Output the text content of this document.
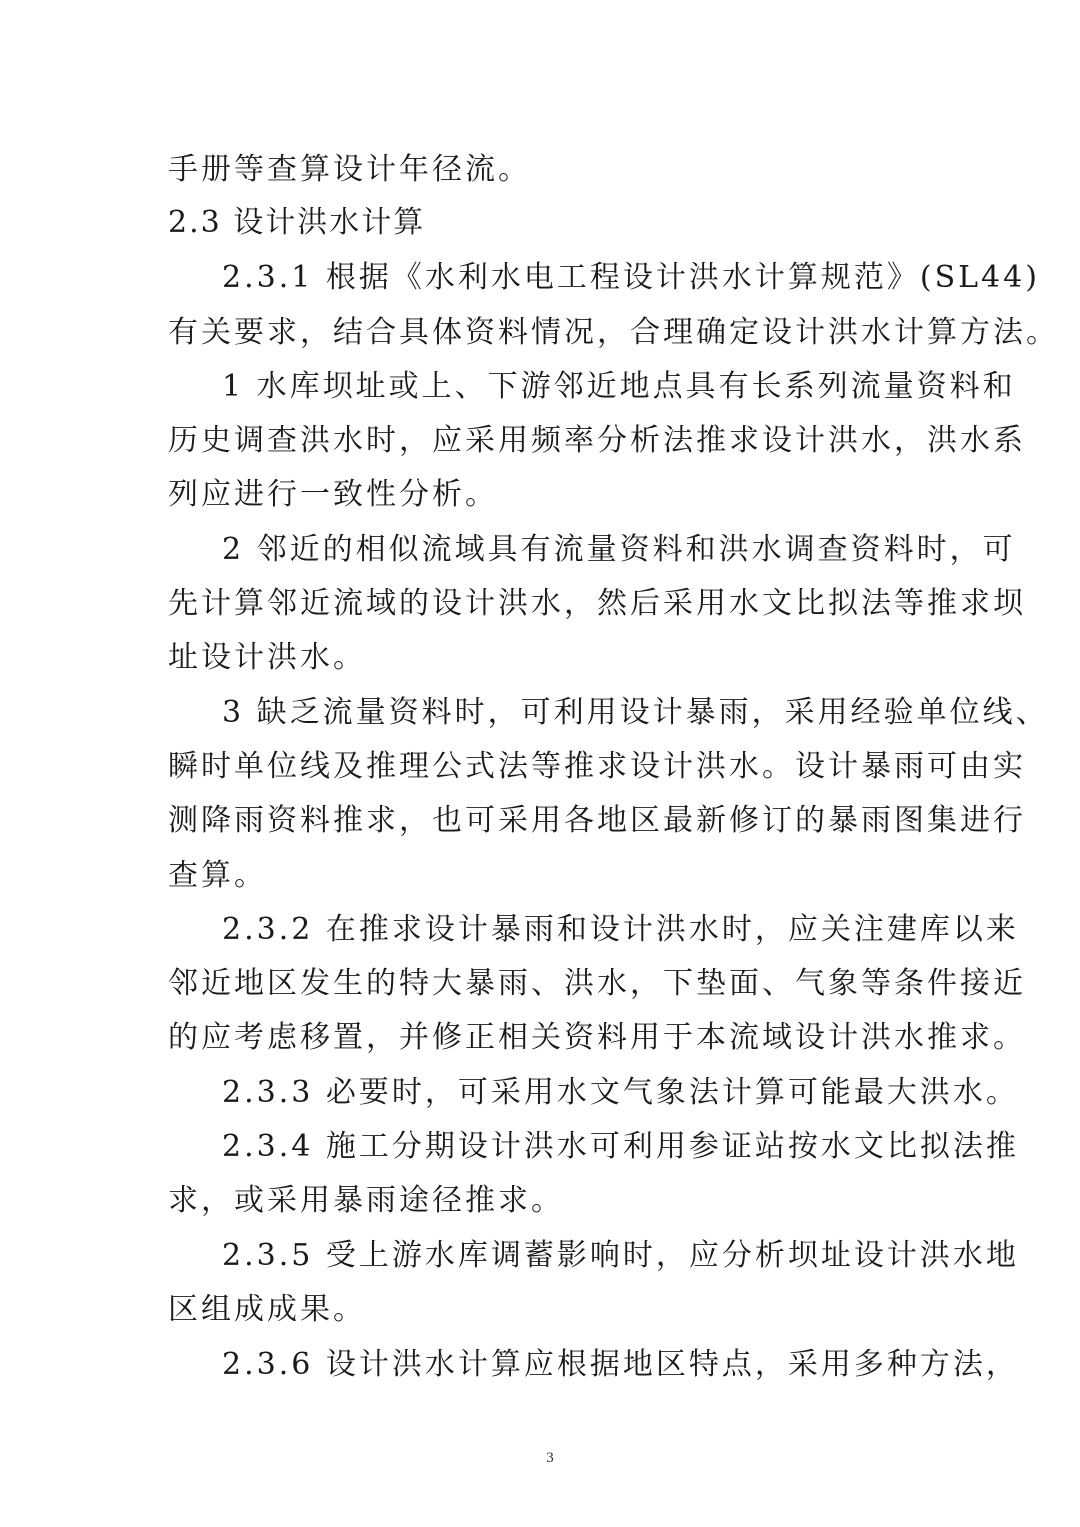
手册等查算设计年径流。
2.3 设计洪水计算
2.3.1 根据《水利水电工程设计洪水计算规范》(SL44)
有关要求，结合具体资料情况，合理确定设计洪水计算方法。
1 水库坝址或上、下游邻近地点具有长系列流量资料和
历史调查洪水时，应采用频率分析法推求设计洪水，洪水系
列应进行一致性分析。
2 邻近的相似流域具有流量资料和洪水调查资料时，可
先计算邻近流域的设计洪水，然后采用水文比拟法等推求坝
址设计洪水。
3 缺乏流量资料时，可利用设计暴雨，采用经验单位线、
瞬时单位线及推理公式法等推求设计洪水。设计暴雨可由实
测降雨资料推求，也可采用各地区最新修订的暴雨图集进行
查算。
2.3.2 在推求设计暴雨和设计洪水时，应关注建库以来
邻近地区发生的特大暴雨、洪水，下垫面、气象等条件接近
的应考虑移置，并修正相关资料用于本流域设计洪水推求。
2.3.3 必要时，可采用水文气象法计算可能最大洪水。
2.3.4 施工分期设计洪水可利用参证站按水文比拟法推
求，或采用暴雨途径推求。
2.3.5 受上游水库调蓄影响时，应分析坝址设计洪水地
区组成成果。
2.3.6 设计洪水计算应根据地区特点，采用多种方法，
3
